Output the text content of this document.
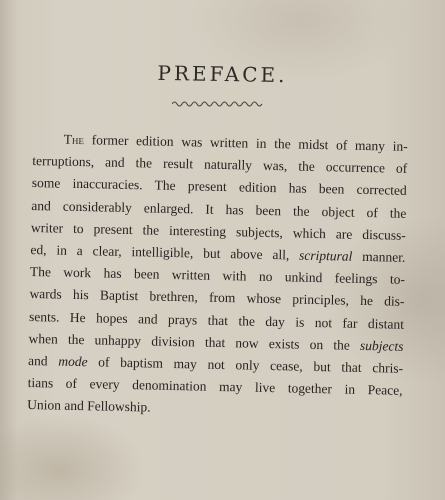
PREFACE.
The former edition was written in the midst of many in-
terruptions, and the result naturally was, the occurrence of
some inaccuracies. The present edition has been corrected
and considerably enlarged. It has been the object of the
writer to present the interesting subjects, which are discuss-
ed, in a clear, intelligible, but above all, scriptural manner.
The work has been written with no unkind feelings to-
wards his Baptist brethren, from whose principles, he dis-
sents. He hopes and prays that the day is not far distant
when the unhappy division that now exists on the subjects
and mode of baptism may not only cease, but that chris-
tians of every denomination may live together in Peace,
Union and Fellowship.
